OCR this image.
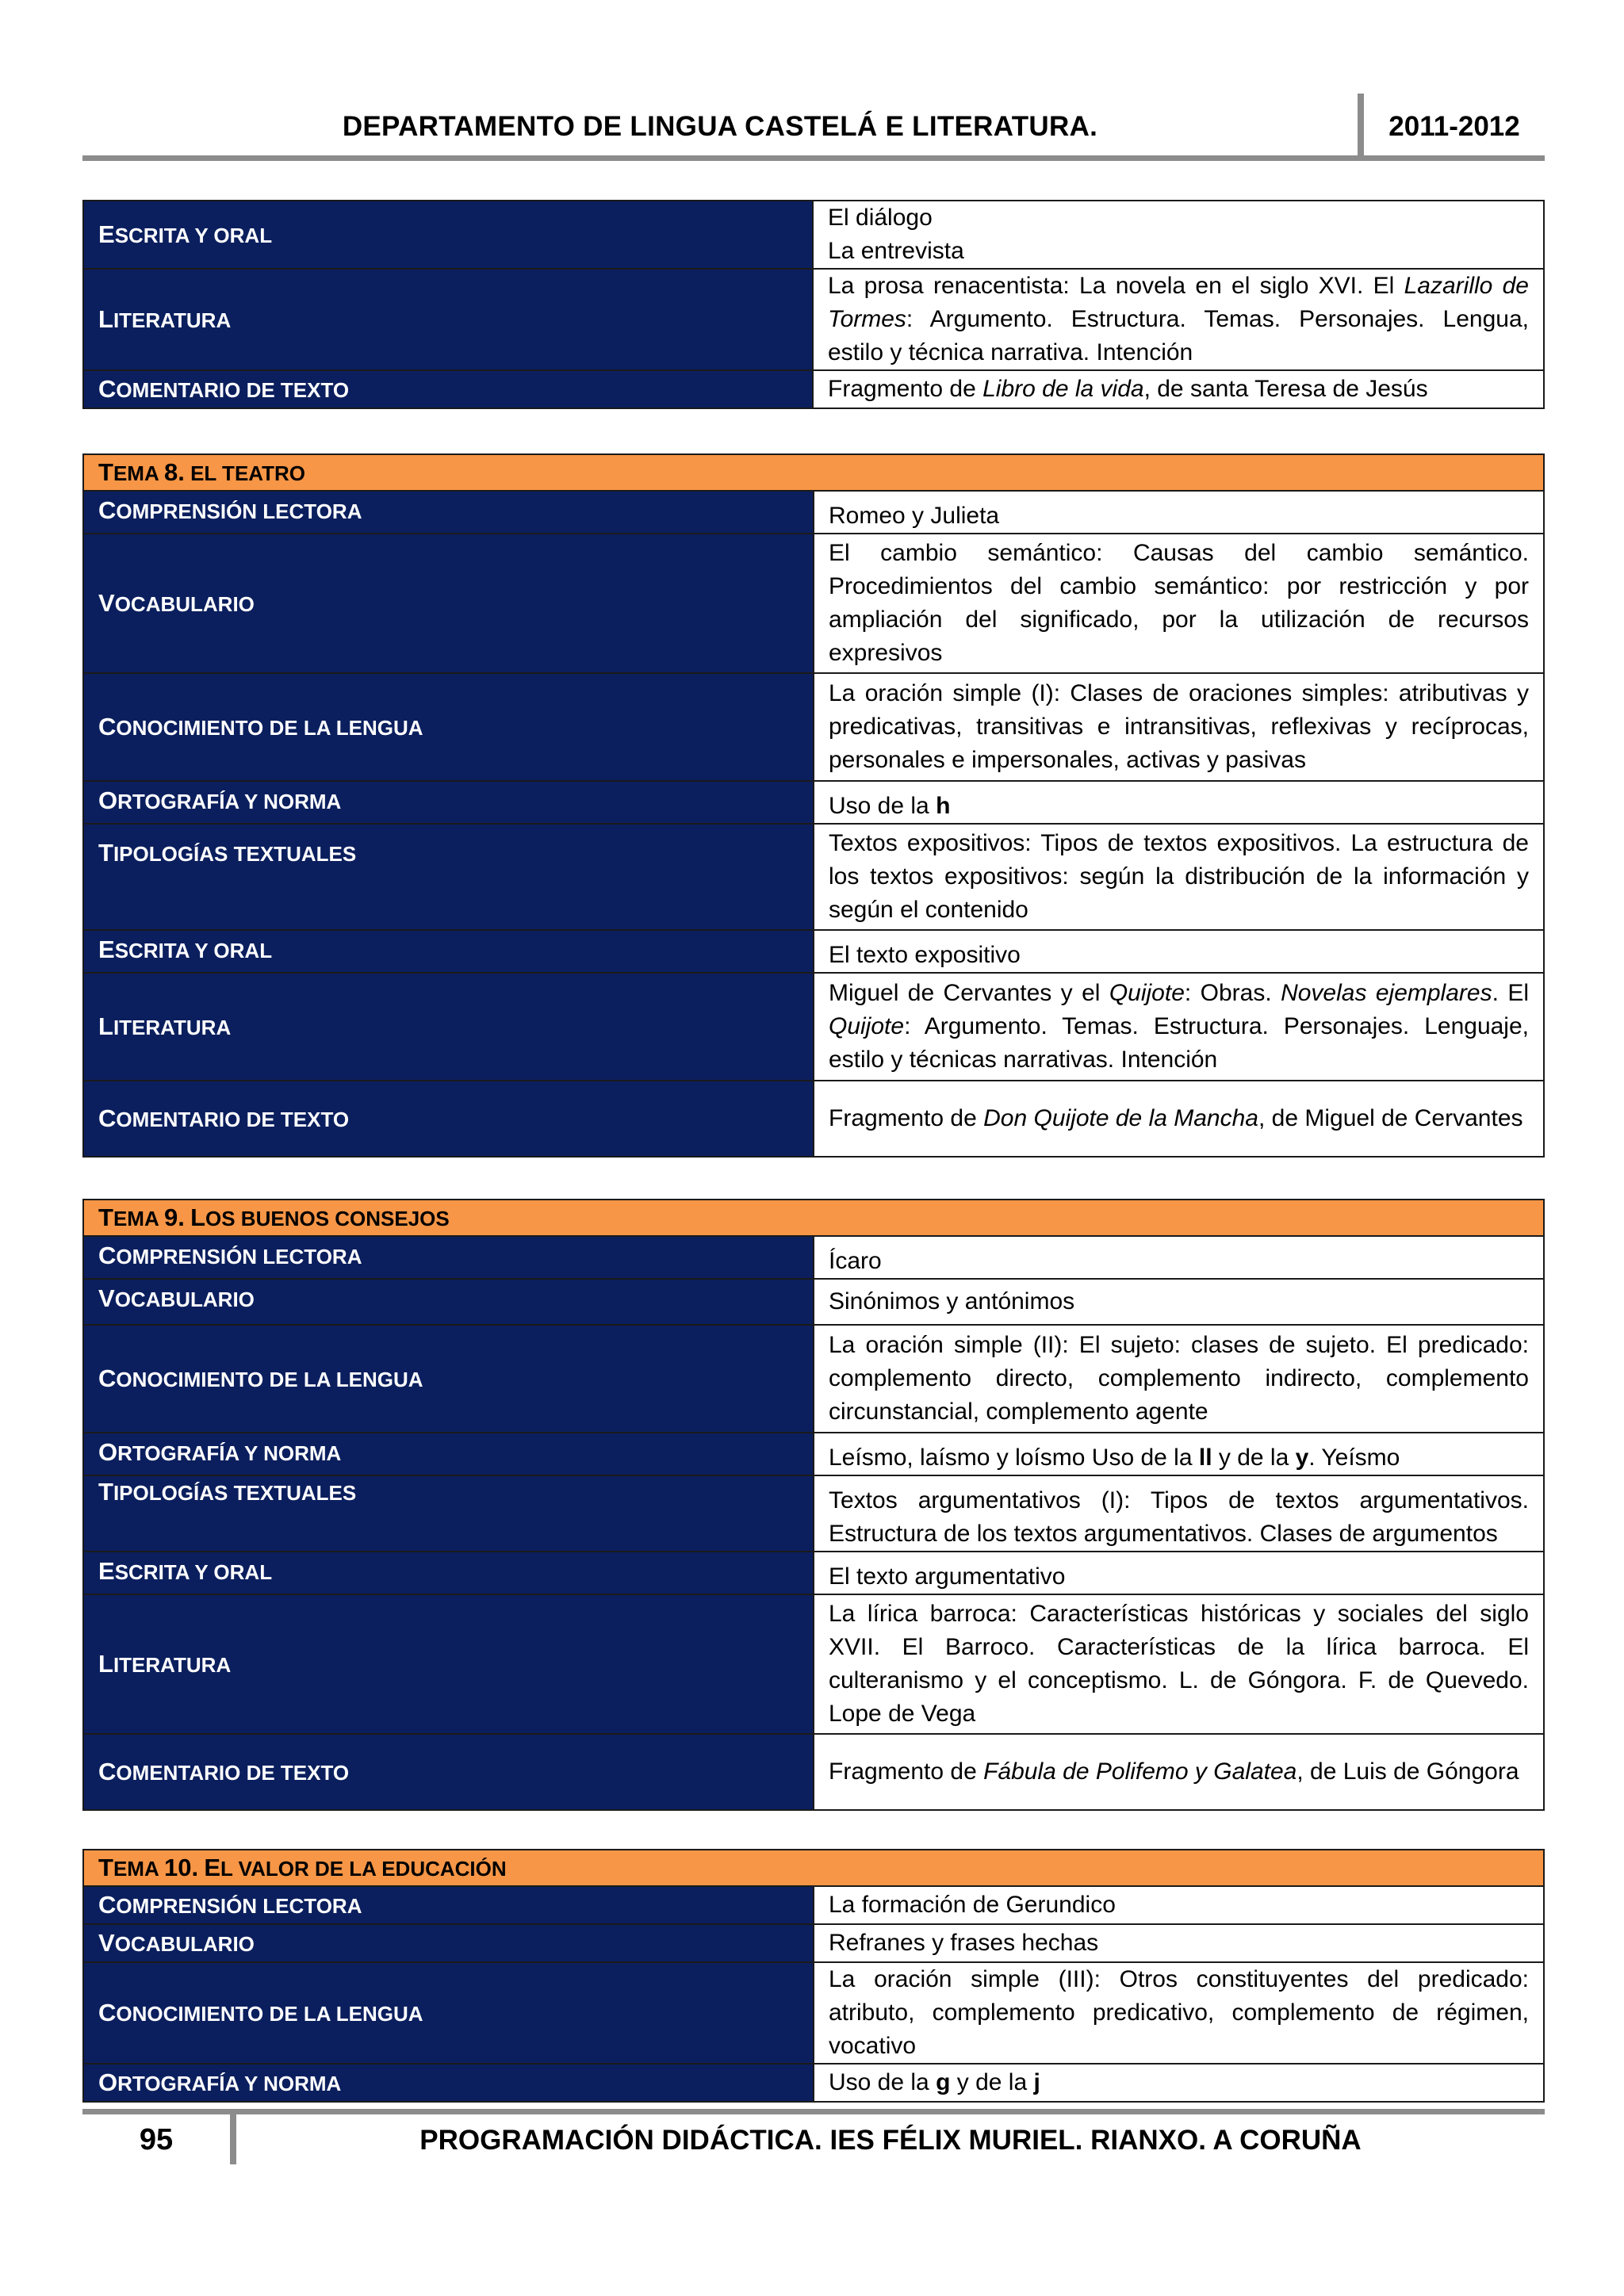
DEPARTAMENTO DE LINGUA CASTELÁ E LITERATURA.	2011-2012
ESCRITA Y ORAL	El diálogo
La entrevista

LITERATURA	La prosa renacentista: La novela en el siglo XVI. El Lazarillo de Tormes: Argumento. Estructura. Temas. Personajes. Lengua, estilo y técnica narrativa. Intención
COMENTARIO DE TEXTO	Fragmento de Libro de la vida, de santa Teresa de Jesús
TEMA 8. EL TEATRO	
COMPRENSIÓN LECTORA	Romeo y Julieta
VOCABULARIO	El cambio semántico: Causas del cambio semántico. Procedimientos del cambio semántico: por restricción y por ampliación del significado, por la utilización de recursos expresivos
CONOCIMIENTO DE LA LENGUA	La oración simple (I): Clases de oraciones simples: atributivas y predicativas, transitivas e intransitivas, reflexivas y recíprocas, personales e impersonales, activas y pasivas
ORTOGRAFÍA Y NORMA	Uso de la h
TIPOLOGÍAS TEXTUALES	Textos expositivos: Tipos de textos expositivos. La estructura de los textos expositivos: según la distribución de la información y según el contenido
ESCRITA Y ORAL	El texto expositivo
LITERATURA	Miguel de Cervantes y el Quijote: Obras. Novelas ejemplares. El Quijote: Argumento. Temas. Estructura. Personajes. Lenguaje, estilo y técnicas narrativas. Intención
COMENTARIO DE TEXTO	Fragmento de Don Quijote de la Mancha, de Miguel de Cervantes
TEMA 9. LOS BUENOS CONSEJOS	
COMPRENSIÓN LECTORA	Ícaro
VOCABULARIO	Sinónimos y antónimos
CONOCIMIENTO DE LA LENGUA	La oración simple (II): El sujeto: clases de sujeto. El predicado: complemento directo, complemento indirecto, complemento circunstancial, complemento agente
ORTOGRAFÍA Y NORMA	Leísmo, laísmo y loísmo Uso de la ll y de la y. Yeísmo
TIPOLOGÍAS TEXTUALES	Textos argumentativos (I): Tipos de textos argumentativos. Estructura de los textos argumentativos. Clases de argumentos
ESCRITA Y ORAL	El texto argumentativo
LITERATURA	La lírica barroca: Características históricas y sociales del siglo XVII. El Barroco. Características de la lírica barroca. El culteranismo y el conceptismo. L. de Góngora. F. de Quevedo. Lope de Vega
COMENTARIO DE TEXTO	Fragmento de Fábula de Polifemo y Galatea, de Luis de Góngora
TEMA 10. EL VALOR DE LA EDUCACIÓN	
COMPRENSIÓN LECTORA	La formación de Gerundico
VOCABULARIO	Refranes y frases hechas
CONOCIMIENTO DE LA LENGUA	La oración simple (III): Otros constituyentes del predicado: atributo, complemento predicativo, complemento de régimen, vocativo
ORTOGRAFÍA Y NORMA	Uso de la g y de la j
95	PROGRAMACIÓN DIDÁCTICA. IES FÉLIX MURIEL. RIANXO. A CORUÑA
